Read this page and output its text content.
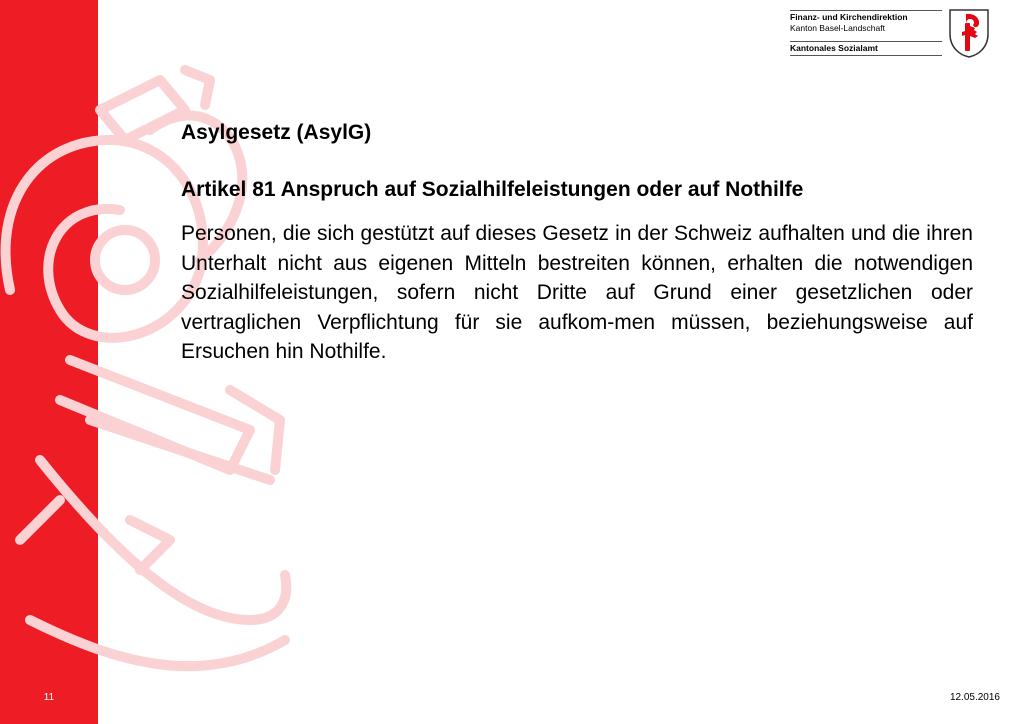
Finanz- und Kirchendirektion
Kanton Basel-Landschaft
Kantonales Sozialamt
Asylgesetz (AsylG)
Artikel 81 Anspruch auf Sozialhilfeleistungen oder auf Nothilfe
Personen, die sich gestützt auf dieses Gesetz in der Schweiz aufhalten und die ihren Unterhalt nicht aus eigenen Mitteln bestreiten können, erhalten die notwendigen Sozialhilfeleistungen, sofern nicht Dritte auf Grund einer gesetzlichen oder vertraglichen Verpflichtung für sie aufkom-men müssen, beziehungsweise auf Ersuchen hin Nothilfe.
11	12.05.2016
